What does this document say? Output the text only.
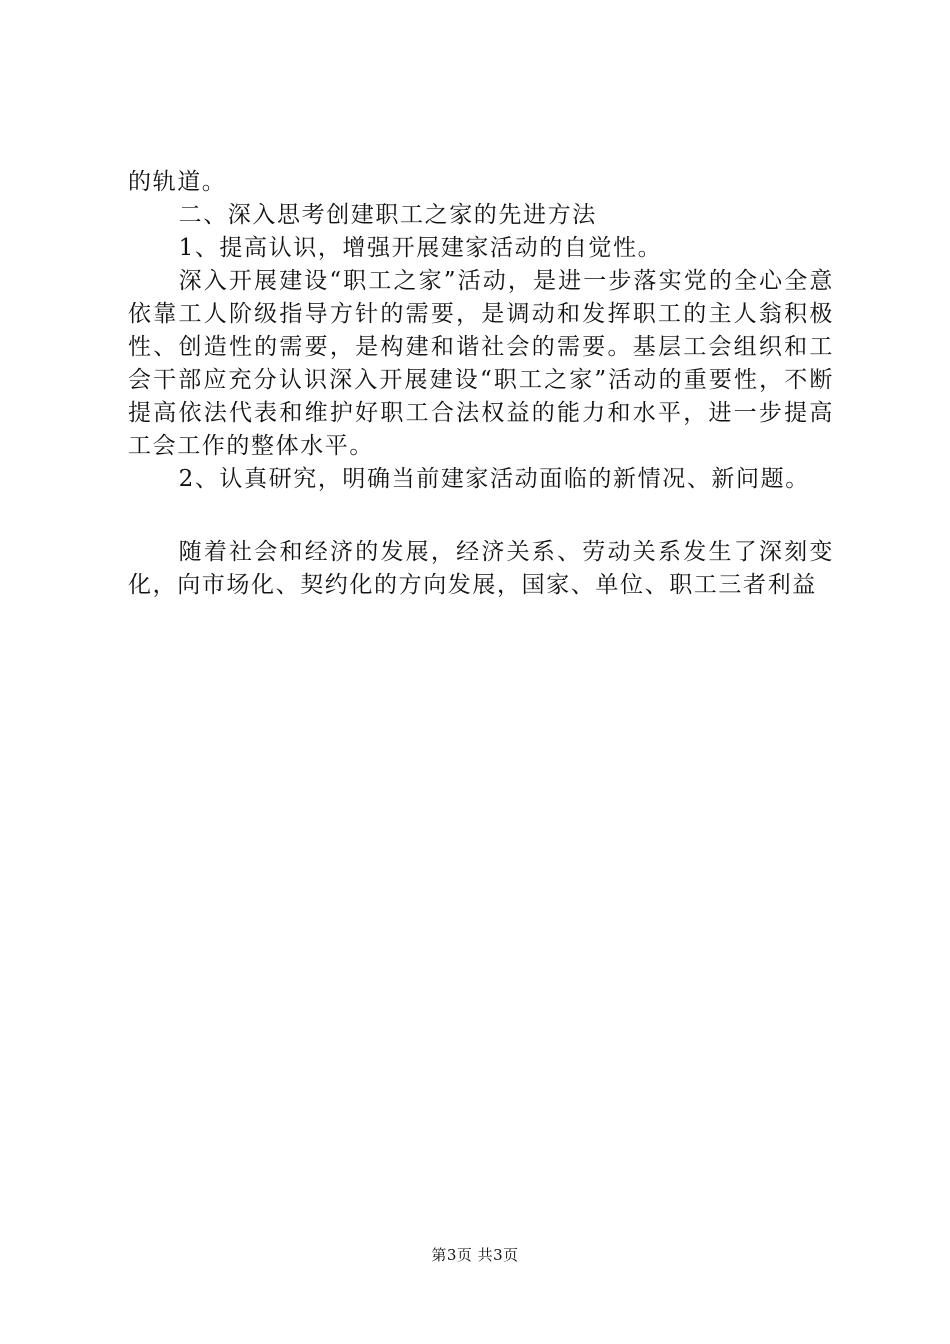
的轨道。

二、深入思考创建职工之家的先进方法

1、提高认识，增强开展建家活动的自觉性。

深入开展建设“职工之家”活动，是进一步落实党的全心全意依靠工人阶级指导方针的需要，是调动和发挥职工的主人翁积极性、创造性的需要，是构建和谐社会的需要。基层工会组织和工会干部应充分认识深入开展建设“职工之家”活动的重要性，不断提高依法代表和维护好职工合法权益的能力和水平，进一步提高工会工作的整体水平。

2、认真研究，明确当前建家活动面临的新情况、新问题。

随着社会和经济的发展，经济关系、劳动关系发生了深刻变化，向市场化、契约化的方向发展，国家、单位、职工三者利益

第3页 共3页
